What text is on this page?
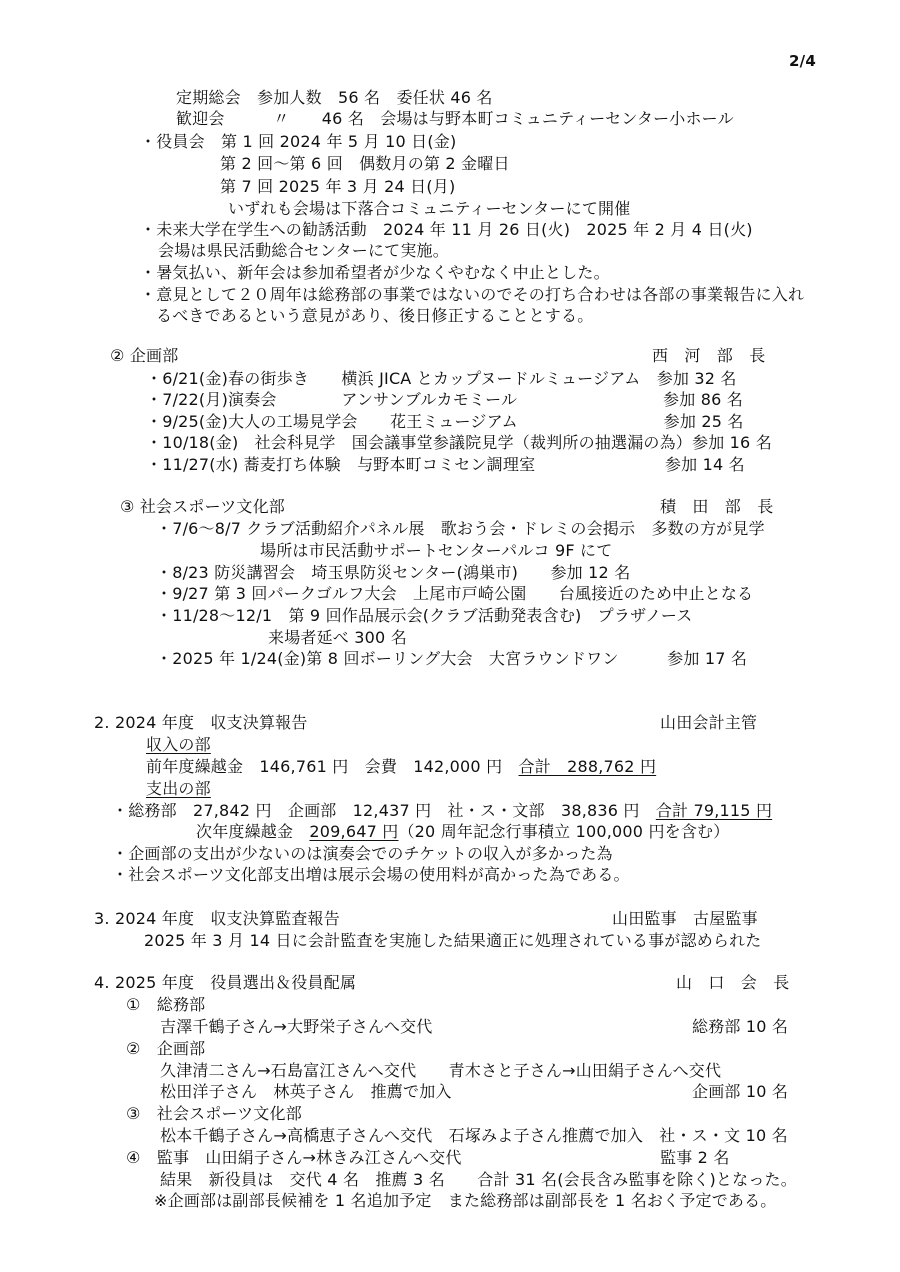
2/4
定期総会　参加人数　56 名　委任状 46 名
歓迎会　　　〃　　46 名　会場は与野本町コミュニティーセンター小ホール
・役員会　第 1 回 2024 年 5 月 10 日(金)
第 2 回〜第 6 回　偶数月の第 2 金曜日
第 7 回 2025 年 3 月 24 日(月)
いずれも会場は下落合コミュニティーセンターにて開催
・未来大学在学生への勧誘活動　2024 年 11 月 26 日(火)　2025 年 2 月 4 日(火)
会場は県民活動総合センターにて実施。
・暑気払い、新年会は参加希望者が少なくやむなく中止とした。
・意見として２０周年は総務部の事業ではないのでその打ち合わせは各部の事業報告に入れ
るべきであるという意見があり、後日修正することとする。
② 企画部	西　河　部　長
・6/21(金)春の街歩き　　横浜 JICA とカップヌードルミュージアム　参加 32 名
・7/22(月)演奏会　　　　アンサンブルカモミール　　　　　　　　　参加 86 名
・9/25(金)大人の工場見学会　　花王ミュージアム　　　　　　　　　参加 25 名
・10/18(金)　社会科見学　国会議事堂参議院見学（裁判所の抽選漏の為）参加 16 名
・11/27(水) 蕎麦打ち体験　与野本町コミセン調理室　　　　　　　　参加 14 名
③ 社会スポーツ文化部	積　田　部　長
・7/6〜8/7 クラブ活動紹介パネル展　歌おう会・ドレミの会掲示　多数の方が見学
場所は市民活動サポートセンターパルコ 9F にて
・8/23 防災講習会　埼玉県防災センター(鴻巣市)　　参加 12 名
・9/27 第 3 回パークゴルフ大会　上尾市戸崎公園　　台風接近のため中止となる
・11/28〜12/1　第 9 回作品展示会(クラブ活動発表含む)　プラザノース
来場者延べ 300 名
・2025 年 1/24(金)第 8 回ボーリング大会　大宮ラウンドワン　　　参加 17 名
2. 2024 年度　収支決算報告	山田会計主管
収入の部
前年度繰越金　146,761 円　会費　142,000 円　合計　288,762 円
支出の部
・総務部　27,842 円　企画部　12,437 円　社・ス・文部　38,836 円　合計 79,115 円
次年度繰越金　209,647 円（20 周年記念行事積立 100,000 円を含む）
・企画部の支出が少ないのは演奏会でのチケットの収入が多かった為
・社会スポーツ文化部支出増は展示会場の使用料が高かった為である。
3. 2024 年度　収支決算監査報告	山田監事　古屋監事
2025 年 3 月 14 日に会計監査を実施した結果適正に処理されている事が認められた
4. 2025 年度　役員選出＆役員配属	山　口　会　長
①　総務部
吉澤千鶴子さん→大野栄子さんへ交代	総務部 10 名
②　企画部
久津清二さん→石島富江さんへ交代　　青木さと子さん→山田絹子さんへ交代
松田洋子さん　林英子さん　推薦で加入	企画部 10 名
③　社会スポーツ文化部
松本千鶴子さん→高橋恵子さんへ交代　石塚みよ子さん推薦で加入　社・ス・文 10 名
④　監事　山田絹子さん→林きみ江さんへ交代	監事 2 名
結果　新役員は　交代 4 名　推薦 3 名　　合計 31 名(会長含み監事を除く)となった。
※企画部は副部長候補を 1 名追加予定　また総務部は副部長を 1 名おく予定である。
